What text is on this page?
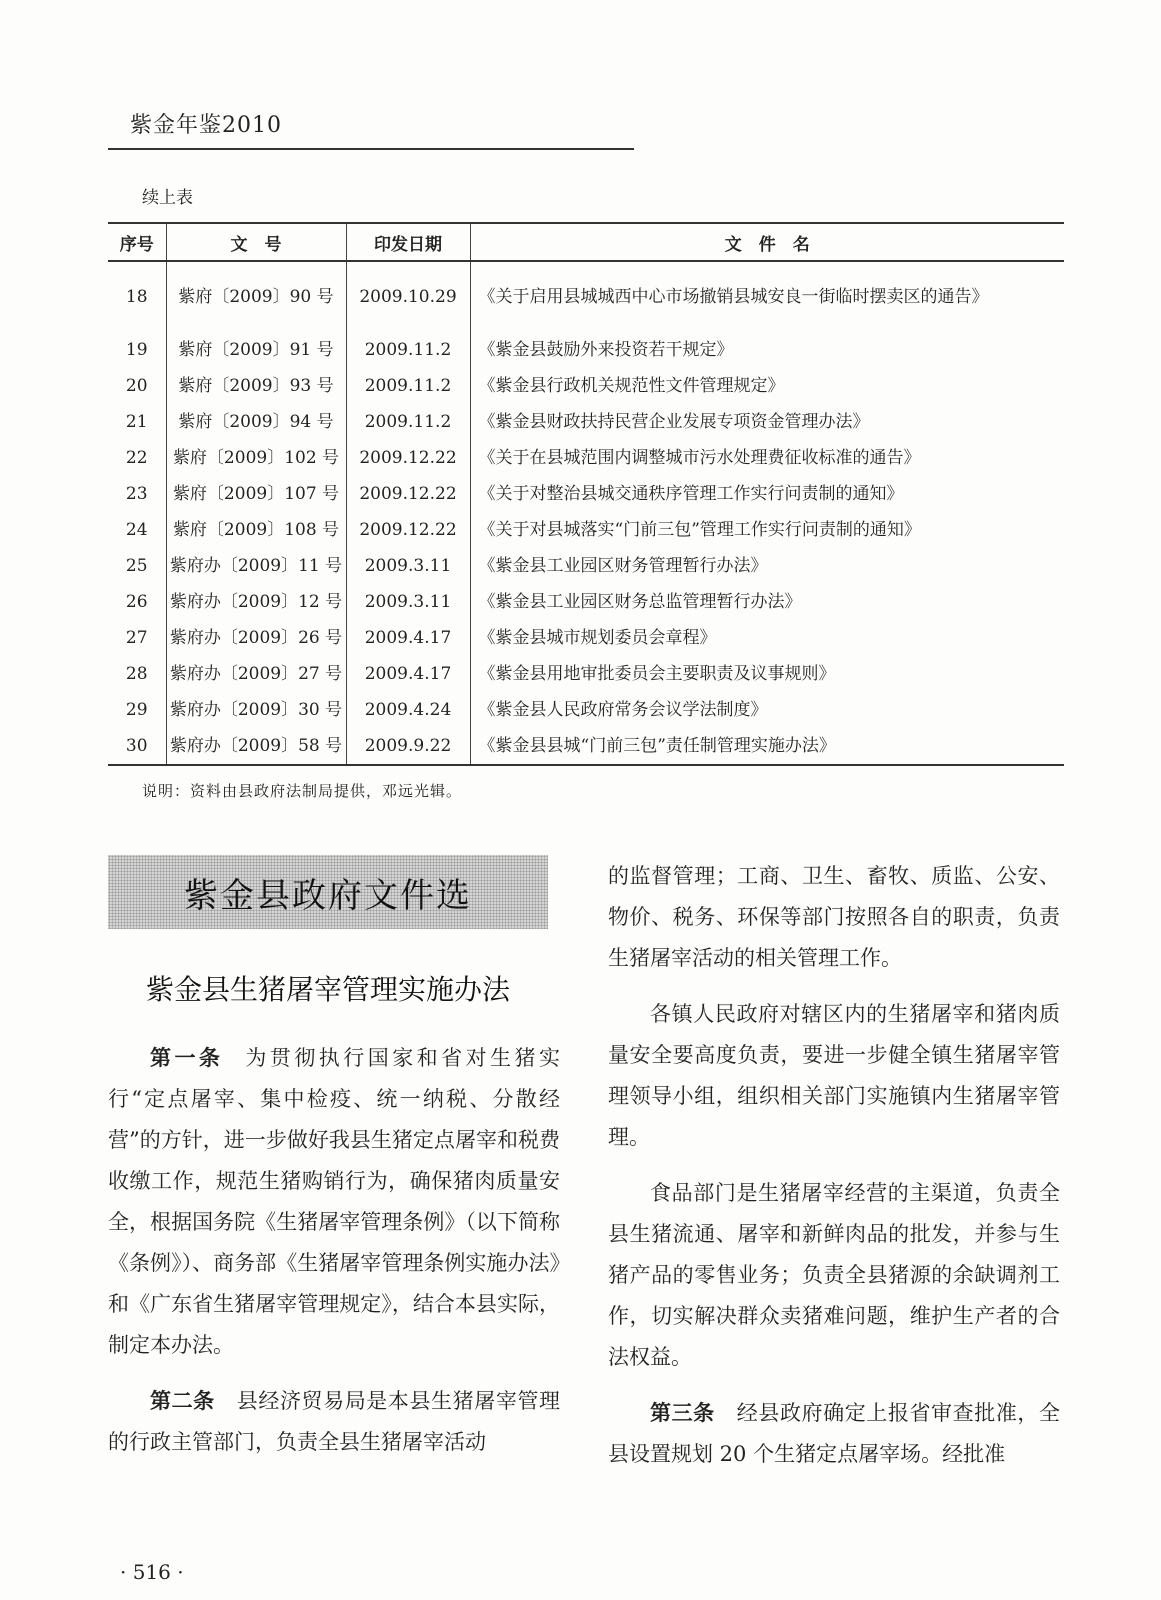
紫金年鉴2010
续上表
序号	文　号	印发日期	文　件　名
18	紫府〔2009〕90 号	2009.10.29	《关于启用县城城西中心市场撤销县城安良一街临时摆卖区的通告》
19	紫府〔2009〕91 号	2009.11.2	《紫金县鼓励外来投资若干规定》
20	紫府〔2009〕93 号	2009.11.2	《紫金县行政机关规范性文件管理规定》
21	紫府〔2009〕94 号	2009.11.2	《紫金县财政扶持民营企业发展专项资金管理办法》
22	紫府〔2009〕102 号	2009.12.22	《关于在县城范围内调整城市污水处理费征收标准的通告》
23	紫府〔2009〕107 号	2009.12.22	《关于对整治县城交通秩序管理工作实行问责制的通知》
24	紫府〔2009〕108 号	2009.12.22	《关于对县城落实“门前三包”管理工作实行问责制的通知》
25	紫府办〔2009〕11 号	2009.3.11	《紫金县工业园区财务管理暂行办法》
26	紫府办〔2009〕12 号	2009.3.11	《紫金县工业园区财务总监管理暂行办法》
27	紫府办〔2009〕26 号	2009.4.17	《紫金县城市规划委员会章程》
28	紫府办〔2009〕27 号	2009.4.17	《紫金县用地审批委员会主要职责及议事规则》
29	紫府办〔2009〕30 号	2009.4.24	《紫金县人民政府常务会议学法制度》
30	紫府办〔2009〕58 号	2009.9.22	《紫金县县城“门前三包”责任制管理实施办法》
说明：资料由县政府法制局提供，邓远光辑。
紫金县政府文件选
紫金县生猪屠宰管理实施办法

第一条 为贯彻执行国家和省对生猪实行“定点屠宰、集中检疫、统一纳税、分散经营”的方针，进一步做好我县生猪定点屠宰和税费收缴工作，规范生猪购销行为，确保猪肉质量安全，根据国务院《生猪屠宰管理条例》（以下简称《条例》）、商务部《生猪屠宰管理条例实施办法》和《广东省生猪屠宰管理规定》，结合本县实际，制定本办法。

第二条 县经济贸易局是本县生猪屠宰管理的行政主管部门，负责全县生猪屠宰活动

的监督管理；工商、卫生、畜牧、质监、公安、物价、税务、环保等部门按照各自的职责，负责生猪屠宰活动的相关管理工作。

各镇人民政府对辖区内的生猪屠宰和猪肉质量安全要高度负责，要进一步健全镇生猪屠宰管理领导小组，组织相关部门实施镇内生猪屠宰管理。

食品部门是生猪屠宰经营的主渠道，负责全县生猪流通、屠宰和新鲜肉品的批发，并参与生猪产品的零售业务；负责全县猪源的余缺调剂工作，切实解决群众卖猪难问题，维护生产者的合法权益。

第三条 经县政府确定上报省审查批准，全县设置规划 20 个生猪定点屠宰场。经批准

· 516 ·
